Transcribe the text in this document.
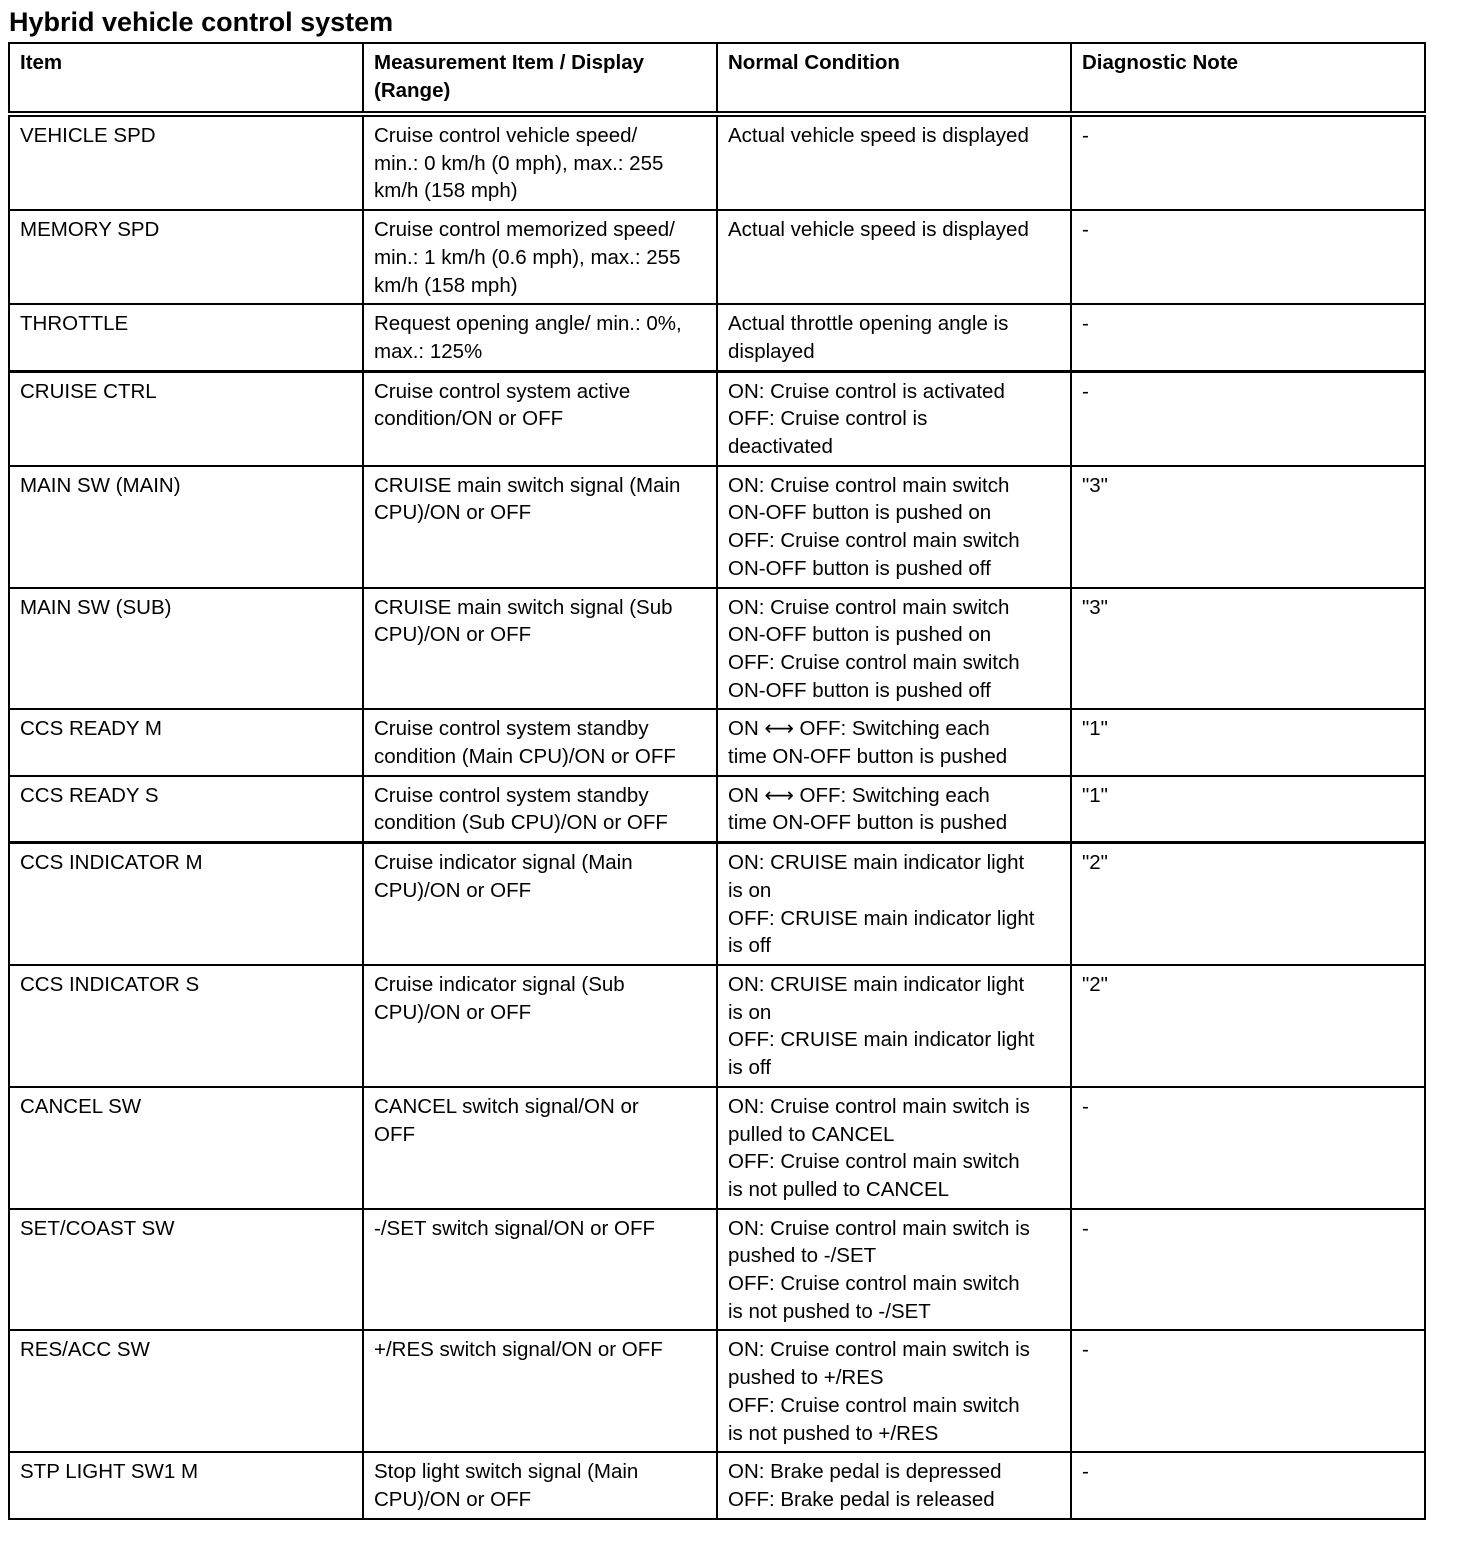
Hybrid vehicle control system
Item	Measurement Item / Display
(Range)	Normal Condition	Diagnostic Note
VEHICLE SPD	Cruise control vehicle speed/
min.: 0 km/h (0 mph), max.: 255
km/h (158 mph)	Actual vehicle speed is displayed	-
MEMORY SPD	Cruise control memorized speed/
min.: 1 km/h (0.6 mph), max.: 255
km/h (158 mph)	Actual vehicle speed is displayed	-
THROTTLE	Request opening angle/ min.: 0%,
max.: 125%	Actual throttle opening angle is
displayed	-
CRUISE CTRL	Cruise control system active
condition/ON or OFF	ON: Cruise control is activated
OFF: Cruise control is
deactivated	-
MAIN SW (MAIN)	CRUISE main switch signal (Main
CPU)/ON or OFF	ON: Cruise control main switch
ON-OFF button is pushed on
OFF: Cruise control main switch
ON-OFF button is pushed off	"3"
MAIN SW (SUB)	CRUISE main switch signal (Sub
CPU)/ON or OFF	ON: Cruise control main switch
ON-OFF button is pushed on
OFF: Cruise control main switch
ON-OFF button is pushed off	"3"
CCS READY M	Cruise control system standby
condition (Main CPU)/ON or OFF	ON ⟷ OFF: Switching each
time ON-OFF button is pushed	"1"
CCS READY S	Cruise control system standby
condition (Sub CPU)/ON or OFF	ON ⟷ OFF: Switching each
time ON-OFF button is pushed	"1"
CCS INDICATOR M	Cruise indicator signal (Main
CPU)/ON or OFF	ON: CRUISE main indicator light
is on
OFF: CRUISE main indicator light
is off	"2"
CCS INDICATOR S	Cruise indicator signal (Sub
CPU)/ON or OFF	ON: CRUISE main indicator light
is on
OFF: CRUISE main indicator light
is off	"2"
CANCEL SW	CANCEL switch signal/ON or
OFF	ON: Cruise control main switch is
pulled to CANCEL
OFF: Cruise control main switch
is not pulled to CANCEL	-
SET/COAST SW	-/SET switch signal/ON or OFF	ON: Cruise control main switch is
pushed to -/SET
OFF: Cruise control main switch
is not pushed to -/SET	-
RES/ACC SW	+/RES switch signal/ON or OFF	ON: Cruise control main switch is
pushed to +/RES
OFF: Cruise control main switch
is not pushed to +/RES	-
STP LIGHT SW1 M	Stop light switch signal (Main
CPU)/ON or OFF	ON: Brake pedal is depressed
OFF: Brake pedal is released	-
